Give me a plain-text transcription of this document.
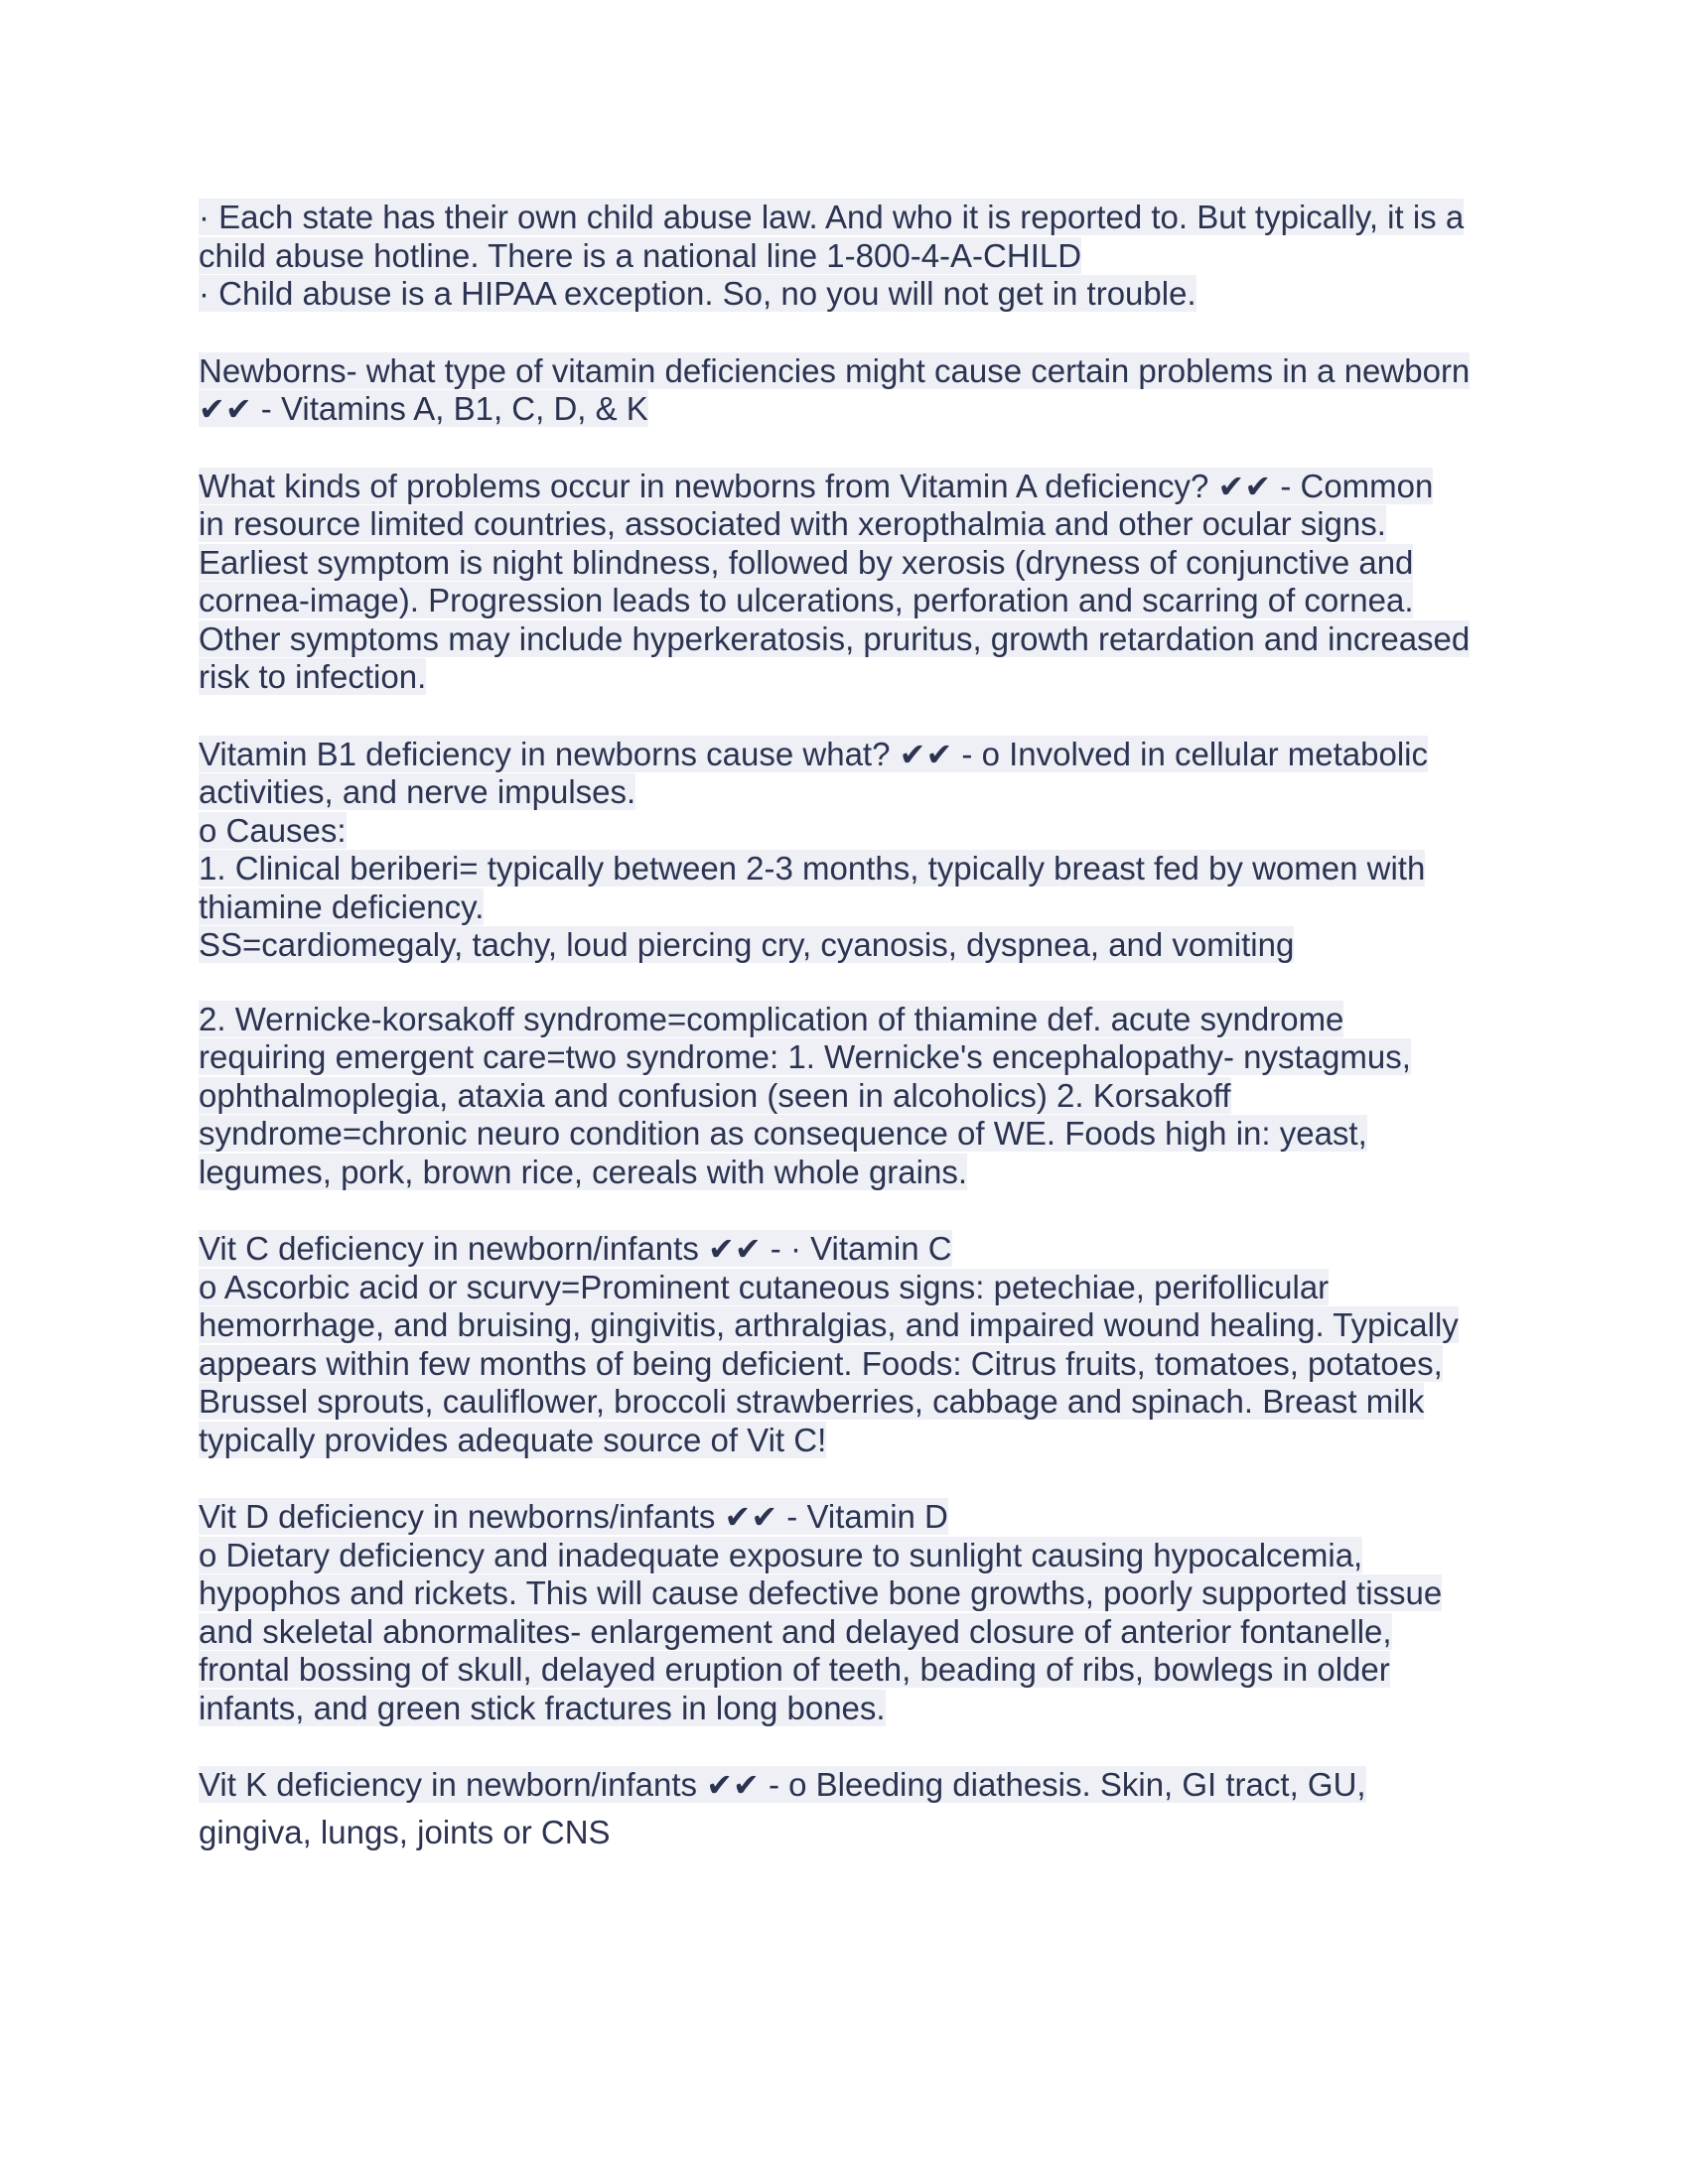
· Each state has their own child abuse law. And who it is reported to. But typically, it is a
child abuse hotline. There is a national line 1-800-4-A-CHILD
· Child abuse is a HIPAA exception. So, no you will not get in trouble.
Newborns- what type of vitamin deficiencies might cause certain problems in a newborn
✔✔ - Vitamins A, B1, C, D, & K
What kinds of problems occur in newborns from Vitamin A deficiency? ✔✔ - Common
in resource limited countries, associated with xeropthalmia and other ocular signs.
Earliest symptom is night blindness, followed by xerosis (dryness of conjunctive and
cornea-image). Progression leads to ulcerations, perforation and scarring of cornea.
Other symptoms may include hyperkeratosis, pruritus, growth retardation and increased
risk to infection.
Vitamin B1 deficiency in newborns cause what? ✔✔ - o Involved in cellular metabolic
activities, and nerve impulses.
o Causes:
1. Clinical beriberi= typically between 2-3 months, typically breast fed by women with
thiamine deficiency.
SS=cardiomegaly, tachy, loud piercing cry, cyanosis, dyspnea, and vomiting
2. Wernicke-korsakoff syndrome=complication of thiamine def. acute syndrome
requiring emergent care=two syndrome: 1. Wernicke's encephalopathy- nystagmus,
ophthalmoplegia, ataxia and confusion (seen in alcoholics) 2. Korsakoff
syndrome=chronic neuro condition as consequence of WE. Foods high in: yeast,
legumes, pork, brown rice, cereals with whole grains.
Vit C deficiency in newborn/infants ✔✔ - · Vitamin C
o Ascorbic acid or scurvy=Prominent cutaneous signs: petechiae, perifollicular
hemorrhage, and bruising, gingivitis, arthralgias, and impaired wound healing. Typically
appears within few months of being deficient. Foods: Citrus fruits, tomatoes, potatoes,
Brussel sprouts, cauliflower, broccoli strawberries, cabbage and spinach. Breast milk
typically provides adequate source of Vit C!
Vit D deficiency in newborns/infants ✔✔ - Vitamin D
o Dietary deficiency and inadequate exposure to sunlight causing hypocalcemia,
hypophos and rickets. This will cause defective bone growths, poorly supported tissue
and skeletal abnormalites- enlargement and delayed closure of anterior fontanelle,
frontal bossing of skull, delayed eruption of teeth, beading of ribs, bowlegs in older
infants, and green stick fractures in long bones.
Vit K deficiency in newborn/infants ✔✔ - o Bleeding diathesis. Skin, GI tract, GU,
gingiva, lungs, joints or CNS
